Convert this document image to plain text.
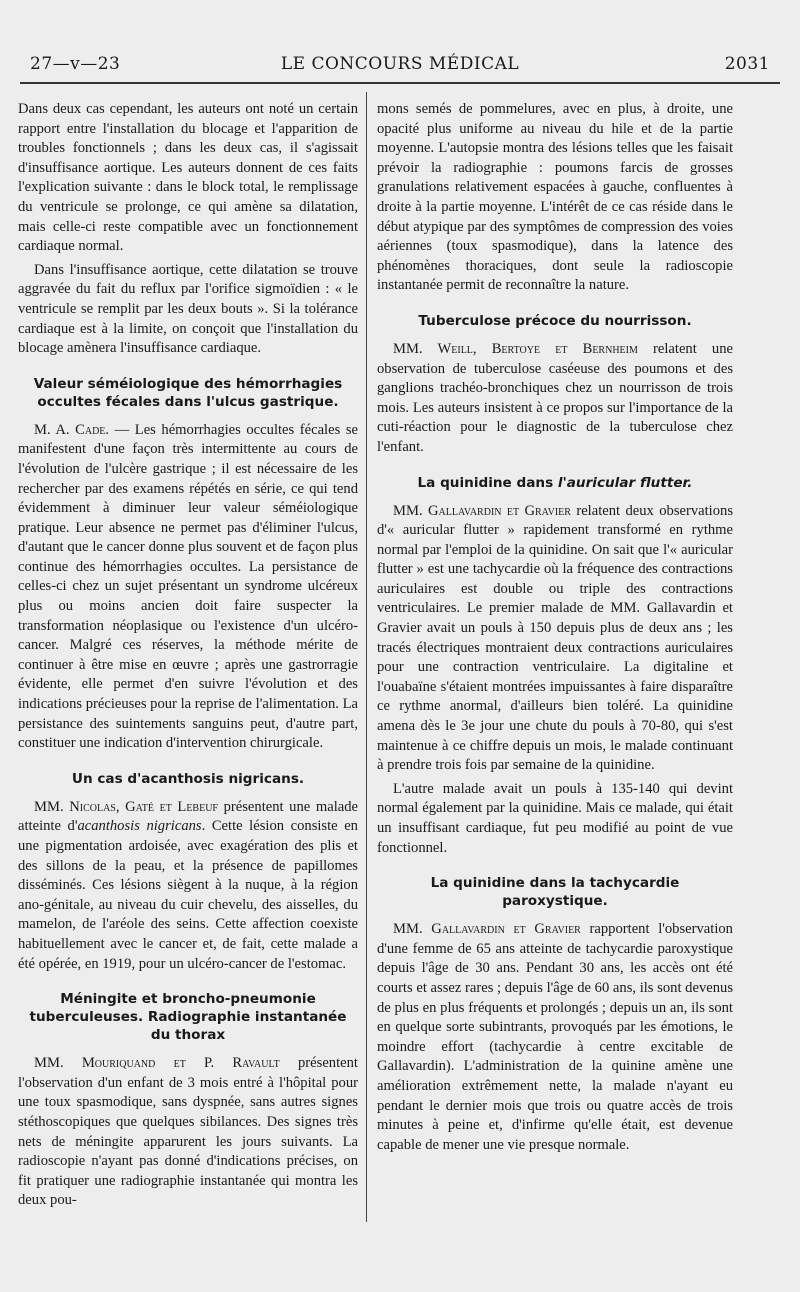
27—v—23	LE CONCOURS MÉDICAL	2031

Dans deux cas cependant, les auteurs ont noté un certain rapport entre l'installation du blocage et l'apparition de troubles fonctionnels ; dans les deux cas, il s'agissait d'insuffisance aortique. Les auteurs donnent de ces faits l'explication suivante : dans le block total, le remplissage du ventricule se prolonge, ce qui amène sa dilatation, mais celle-ci reste compatible avec un fonctionnement cardiaque normal.

Dans l'insuffisance aortique, cette dilatation se trouve aggravée du fait du reflux par l'orifice sigmoïdien : « le ventricule se remplit par les deux bouts ». Si la tolérance cardiaque est à la limite, on conçoit que l'installation du blocage amènera l'insuffisance cardiaque.

Valeur séméiologique des hémorrhagies occultes fécales dans l'ulcus gastrique.

M. A. Cade. — Les hémorrhagies occultes fécales se manifestent d'une façon très intermittente au cours de l'évolution de l'ulcère gastrique ; il est nécessaire de les rechercher par des examens répétés en série, ce qui tend évidemment à diminuer leur valeur séméiologique pratique. Leur absence ne permet pas d'éliminer l'ulcus, d'autant que le cancer donne plus souvent et de façon plus continue des hémorrhagies occultes. La persistance de celles-ci chez un sujet présentant un syndrome ulcéreux plus ou moins ancien doit faire suspecter la transformation néoplasique ou l'existence d'un ulcéro-cancer. Malgré ces réserves, la méthode mérite de continuer à être mise en œuvre ; après une gastrorragie évidente, elle permet d'en suivre l'évolution et des indications précieuses pour la reprise de l'alimentation. La persistance des suintements sanguins peut, d'autre part, constituer une indication d'intervention chirurgicale.

Un cas d'acanthosis nigricans.

MM. Nicolas, Gaté et Lebeuf présentent une malade atteinte d'acanthosis nigricans. Cette lésion consiste en une pigmentation ardoisée, avec exagération des plis et des sillons de la peau, et la présence de papillomes disséminés. Ces lésions siègent à la nuque, à la région ano-génitale, au niveau du cuir chevelu, des aisselles, du mamelon, de l'aréole des seins. Cette affection coexiste habituellement avec le cancer et, de fait, cette malade a été opérée, en 1919, pour un ulcéro-cancer de l'estomac.

Méningite et broncho-pneumonie tuberculeuses. Radiographie instantanée du thorax

MM. Mouriquand et P. Ravault présentent l'observation d'un enfant de 3 mois entré à l'hôpital pour une toux spasmodique, sans dyspnée, sans autres signes stéthoscopiques que quelques sibilances. Des signes très nets de méningite apparurent les jours suivants. La radioscopie n'ayant pas donné d'indications précises, on fit pratiquer une radiographie instantanée qui montra les deux pou-

mons semés de pommelures, avec en plus, à droite, une opacité plus uniforme au niveau du hile et de la partie moyenne. L'autopsie montra des lésions telles que les faisait prévoir la radiographie : poumons farcis de grosses granulations relativement espacées à gauche, confluentes à droite à la partie moyenne. L'intérêt de ce cas réside dans le début atypique par des symptômes de compression des voies aériennes (toux spasmodique), dans la latence des phénomènes thoraciques, dont seule la radioscopie instantanée permit de reconnaître la nature.

Tuberculose précoce du nourrisson.

MM. Weill, Bertoye et Bernheim relatent une observation de tuberculose caséeuse des poumons et des ganglions trachéo-bronchiques chez un nourrisson de trois mois. Les auteurs insistent à ce propos sur l'importance de la cuti-réaction pour le diagnostic de la tuberculose chez l'enfant.

La quinidine dans l'auricular flutter.

MM. Gallavardin et Gravier relatent deux observations d'« auricular flutter » rapidement transformé en rythme normal par l'emploi de la quinidine. On sait que l'« auricular flutter » est une tachycardie où la fréquence des contractions auriculaires est double ou triple des contractions ventriculaires. Le premier malade de MM. Gallavardin et Gravier avait un pouls à 150 depuis plus de deux ans ; les tracés électriques montraient deux contractions auriculaires pour une contraction ventriculaire. La digitaline et l'ouabaïne s'étaient montrées impuissantes à faire disparaître ce rythme anormal, d'ailleurs bien toléré. La quinidine amena dès le 3e jour une chute du pouls à 70-80, qui s'est maintenue à ce chiffre depuis un mois, le malade continuant à prendre trois fois par semaine de la quinidine.

L'autre malade avait un pouls à 135-140 qui devint normal également par la quinidine. Mais ce malade, qui était un insuffisant cardiaque, fut peu modifié au point de vue fonctionnel.

La quinidine dans la tachycardie paroxystique.

MM. Gallavardin et Gravier rapportent l'observation d'une femme de 65 ans atteinte de tachycardie paroxystique depuis l'âge de 30 ans. Pendant 30 ans, les accès ont été courts et assez rares ; depuis l'âge de 60 ans, ils sont devenus de plus en plus fréquents et prolongés ; depuis un an, ils sont en quelque sorte subintrants, provoqués par les émotions, le moindre effort (tachycardie à centre excitable de Gallavardin). L'administration de la quinine amène une amélioration extrêmement nette, la malade n'ayant eu pendant le dernier mois que trois ou quatre accès de trois minutes à peine et, d'infirme qu'elle était, est devenue capable de mener une vie presque normale.
